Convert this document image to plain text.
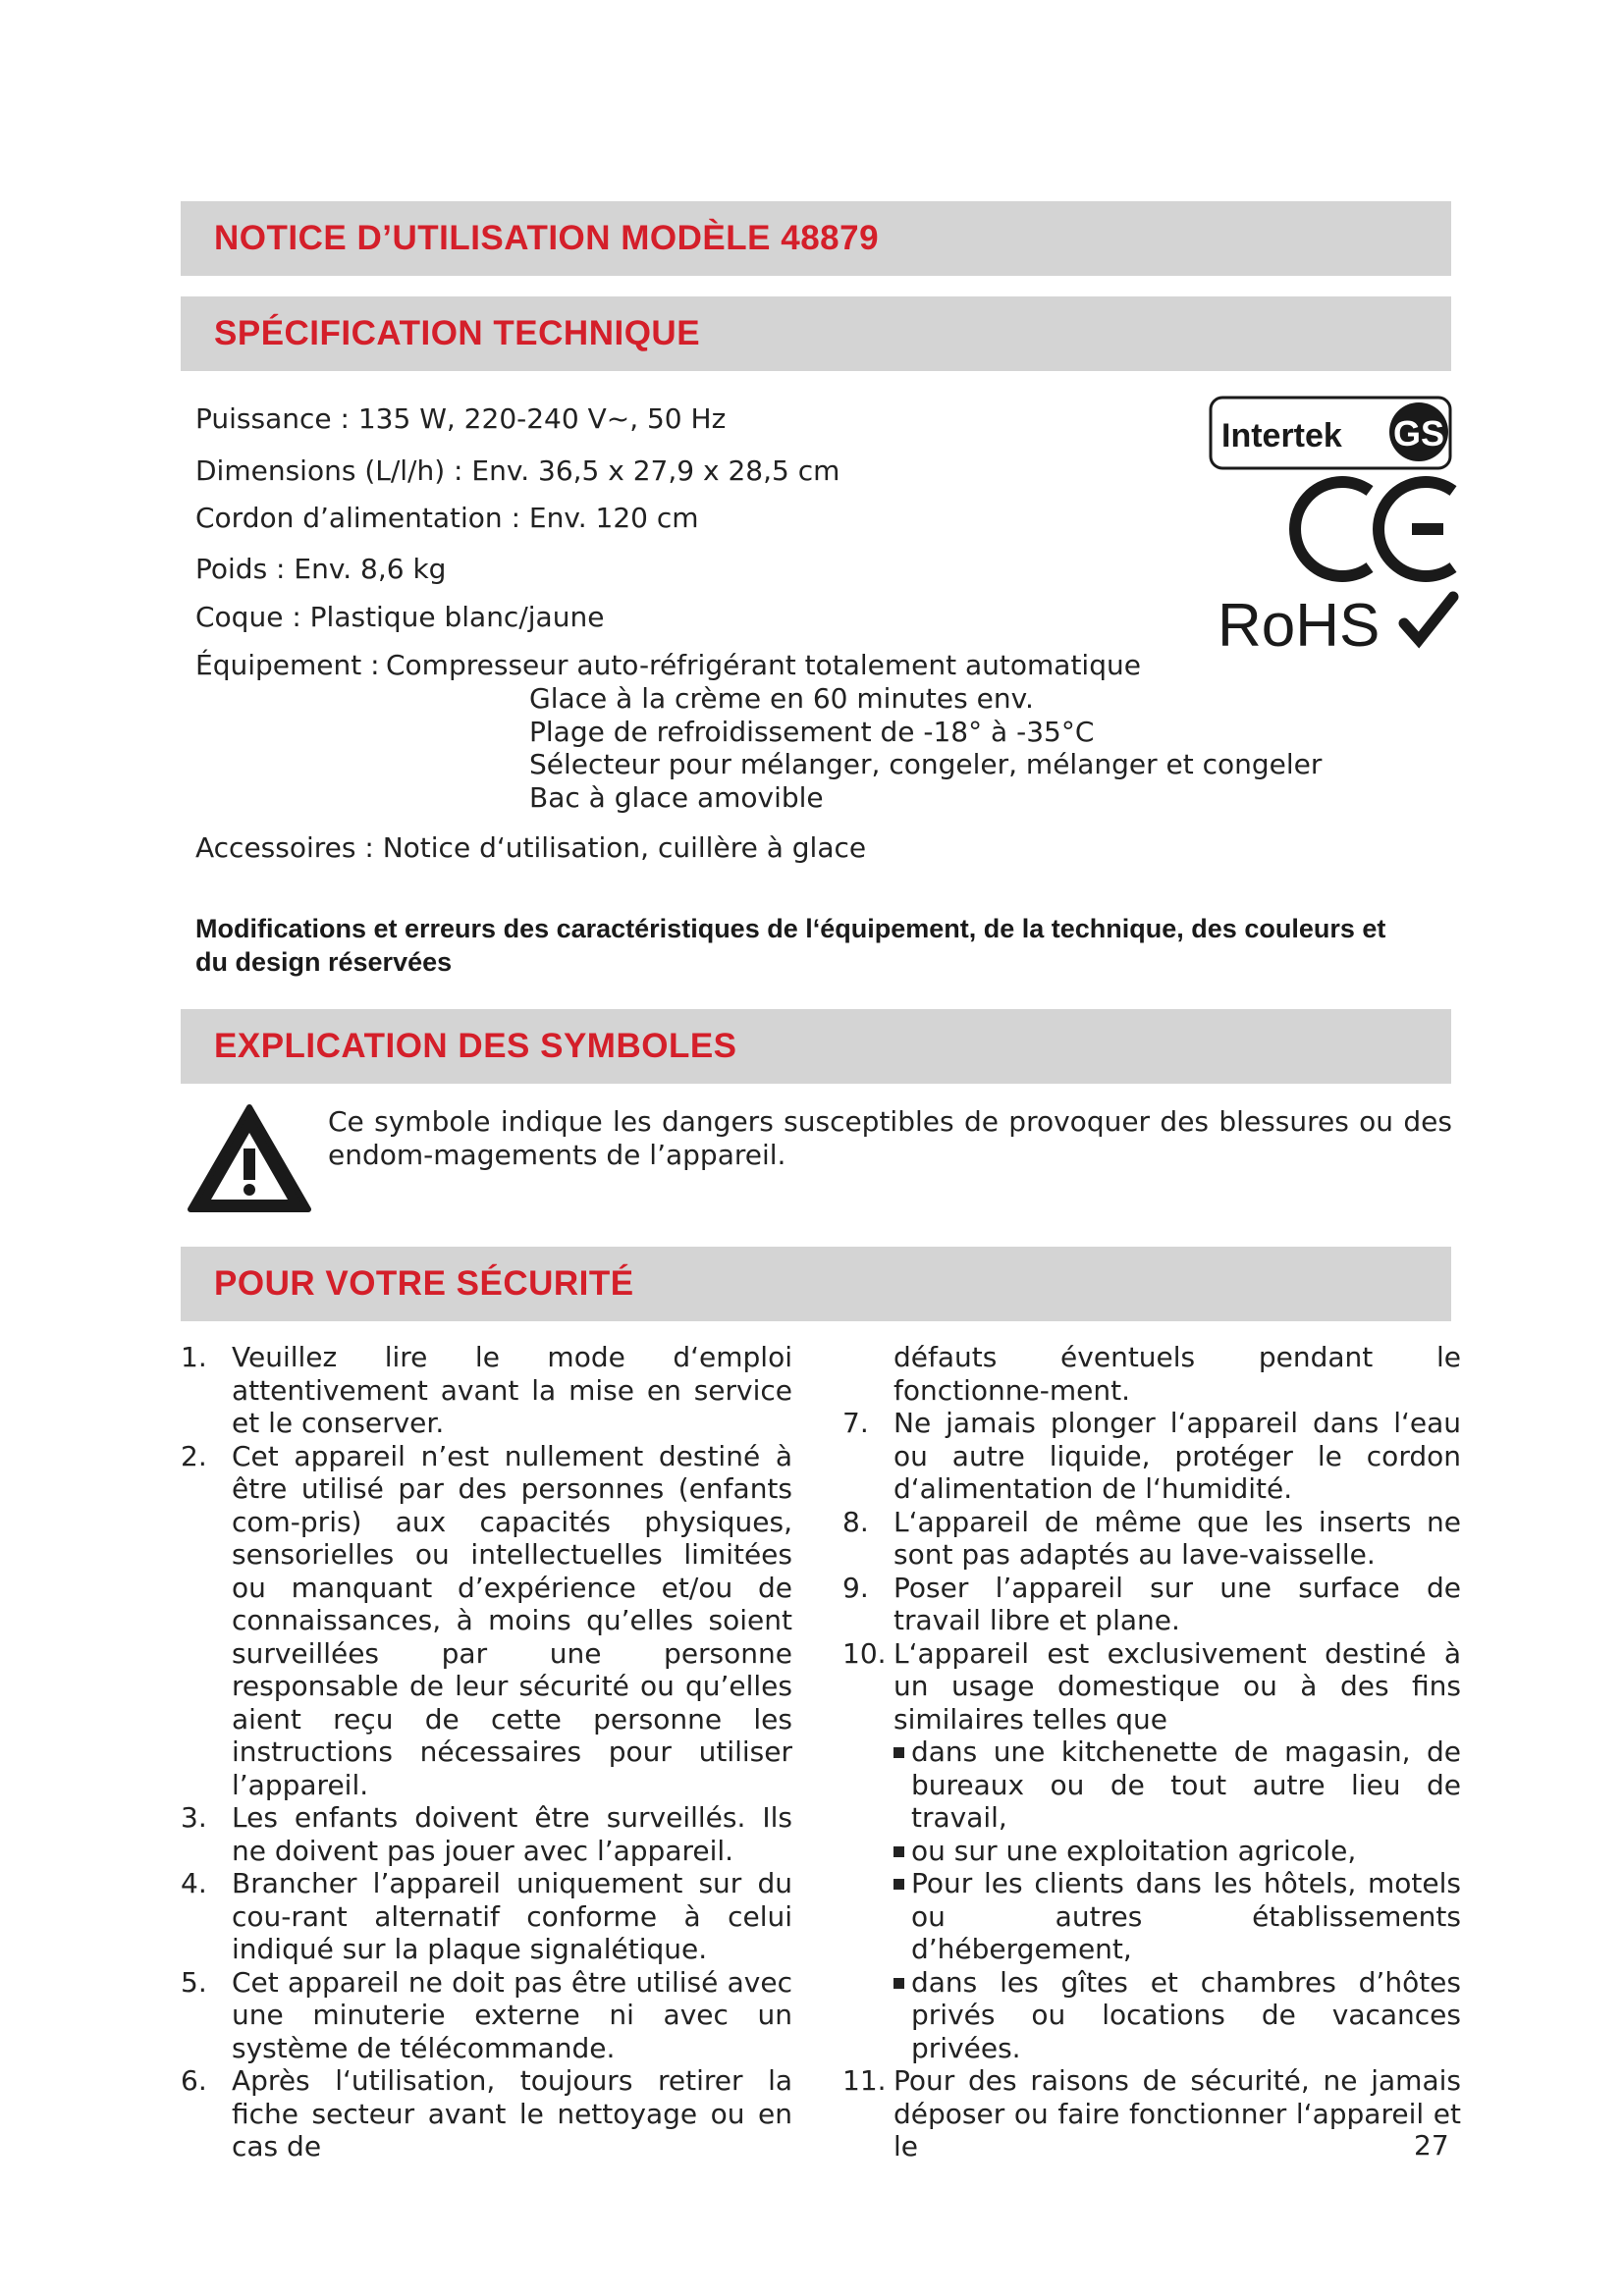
NOTICE D’UTILISATION MODÈLE 48879
SPÉCIFICATION TECHNIQUE
Puissance : 135 W, 220-240 V~, 50 Hz
Dimensions (L/l/h) : Env. 36,5 x 27,9 x 28,5 cm
Cordon d’alimentation : Env. 120 cm
Poids : Env. 8,6 kg
Coque : Plastique blanc/jaune
Équipement : Compresseur auto-réfrigérant totalement automatique
Glace à la crème en 60 minutes env.
Plage de refroidissement de -18° à -35°C
Sélecteur pour mélanger, congeler, mélanger et congeler
Bac à glace amovible
Accessoires : Notice d‘utilisation, cuillère à glace
Intertek GS
RoHS
Modifications et erreurs des caractéristiques de l‘équipement, de la technique, des couleurs et du design réservées
EXPLICATION DES SYMBOLES
Ce symbole indique les dangers susceptibles de provoquer des blessures ou des endom-magements de l’appareil.
POUR VOTRE SÉCURITÉ

1. Veuillez lire le mode d‘emploi attentivement avant la mise en service et le conserver.

2. Cet appareil n’est nullement destiné à être utilisé par des personnes (enfants com-pris) aux capacités physiques, sensorielles ou intellectuelles limitées ou manquant d’expérience et/ou de connaissances, à moins qu’elles soient surveillées par une personne responsable de leur sécurité ou qu’elles aient reçu de cette personne les instructions nécessaires pour utiliser l’appareil.

3. Les enfants doivent être surveillés. Ils ne doivent pas jouer avec l’appareil.

4. Brancher l’appareil uniquement sur du cou-rant alternatif conforme à celui indiqué sur la plaque signalétique.

5. Cet appareil ne doit pas être utilisé avec une minuterie externe ni avec un système de télécommande.

6. Après l‘utilisation, toujours retirer la fiche secteur avant le nettoyage ou en cas de

défauts éventuels pendant le fonctionne-ment.

7. Ne jamais plonger l‘appareil dans l‘eau ou autre liquide, protéger le cordon d‘alimentation de l‘humidité.

8. L‘appareil de même que les inserts ne sont pas adaptés au lave-vaisselle.

9. Poser l’appareil sur une surface de travail libre et plane.

10. L‘appareil est exclusivement destiné à un usage domestique ou à des fins similaires telles que

dans une kitchenette de magasin, de bureaux ou de tout autre lieu de travail,
ou sur une exploitation agricole,
Pour les clients dans les hôtels, motels ou autres établissements d’hébergement,
dans les gîtes et chambres d’hôtes privés ou locations de vacances privées.

11. Pour des raisons de sécurité, ne jamais déposer ou faire fonctionner l‘appareil et le	27
